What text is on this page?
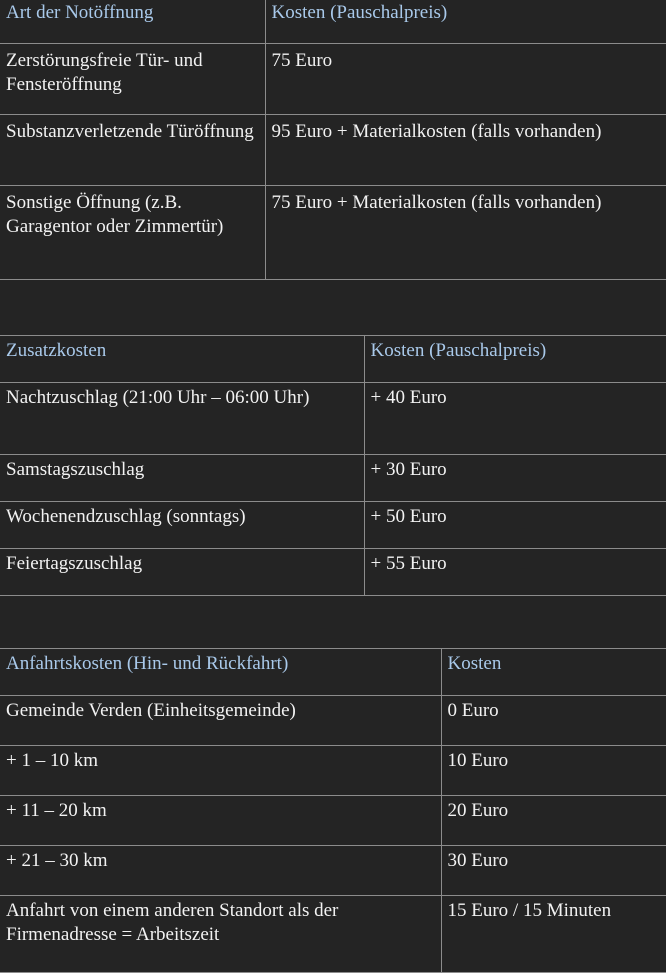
Art der Notöffnung	Kosten (Pauschalpreis)
Zerstörungsfreie Tür- und Fensteröffnung	75 Euro
Substanzverletzende Türöffnung	95 Euro + Materialkosten (falls vorhanden)
Sonstige Öffnung (z.B. Garagentor oder Zimmertür)	75 Euro + Materialkosten (falls vorhanden)
Zusatzkosten	Kosten (Pauschalpreis)
Nachtzuschlag (21:00 Uhr – 06:00 Uhr)	+ 40 Euro
Samstagszuschlag	+ 30 Euro
Wochenendzuschlag (sonntags)	+ 50 Euro
Feiertagszuschlag	+ 55 Euro
Anfahrtskosten (Hin- und Rückfahrt)	Kosten
Gemeinde Verden (Einheitsgemeinde)	0 Euro
+ 1 – 10 km	10 Euro
+ 11 – 20 km	20 Euro
+ 21 – 30 km	30 Euro
Anfahrt von einem anderen Standort als der Firmenadresse = Arbeitszeit	15 Euro / 15 Minuten
